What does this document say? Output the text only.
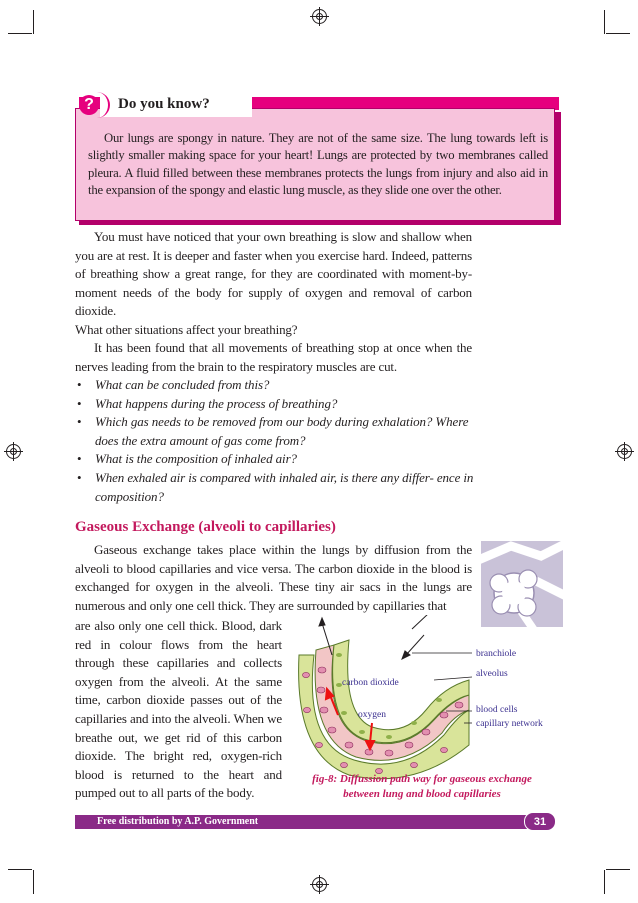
?	Do you know?

Our lungs are spongy in nature. They are not of the same size. The lung towards left is slightly smaller making space for your heart! Lungs are protected by two membranes called pleura. A fluid filled between these membranes protects the lungs from injury and also aid in the expansion of the spongy and elastic lung muscle, as they slide one over the other.

You must have noticed that your own breathing is slow and shallow when you are at rest. It is deeper and faster when you exercise hard. Indeed, patterns of breathing show a great range, for they are coordinated with moment-by-moment needs of the body for supply of oxygen and removal of carbon dioxide.

What other situations affect your breathing?

It has been found that all movements of breathing stop at once when the nerves leading from the brain to the respiratory muscles are cut.

• What can be concluded from this?
• What happens during the process of breathing?
• Which gas needs to be removed from our body during exhalation? Where does the extra amount of gas come from?
• What is the composition of inhaled air?
• When exhaled air is compared with inhaled air, is there any differ- ence in composition?
Gaseous Exchange (alveoli to capillaries)

Gaseous exchange takes place within the lungs by diffusion from the alveoli to blood capillaries and vice versa. The carbon dioxide in the blood is exchanged for oxygen in the alveoli. These tiny air sacs in the lungs are numerous and only one cell thick. They are surrounded by capillaries that

are also only one cell thick. Blood, dark red in colour flows from the heart through these capillaries and collects oxygen from the alveoli. At the same time, carbon dioxide passes out of the capillaries and into the alveoli. When we breathe out, we get rid of this carbon dioxide. The bright red, oxygen-rich blood is returned to the heart and pumped out to all parts of the body.
branchiole
alveolus
carbon dioxide
oxygen	blood cells
capillary network
fig-8: Diffussion path way for gaseous exchange
between lung and blood capillaries
Free distribution by A.P. Government	31
